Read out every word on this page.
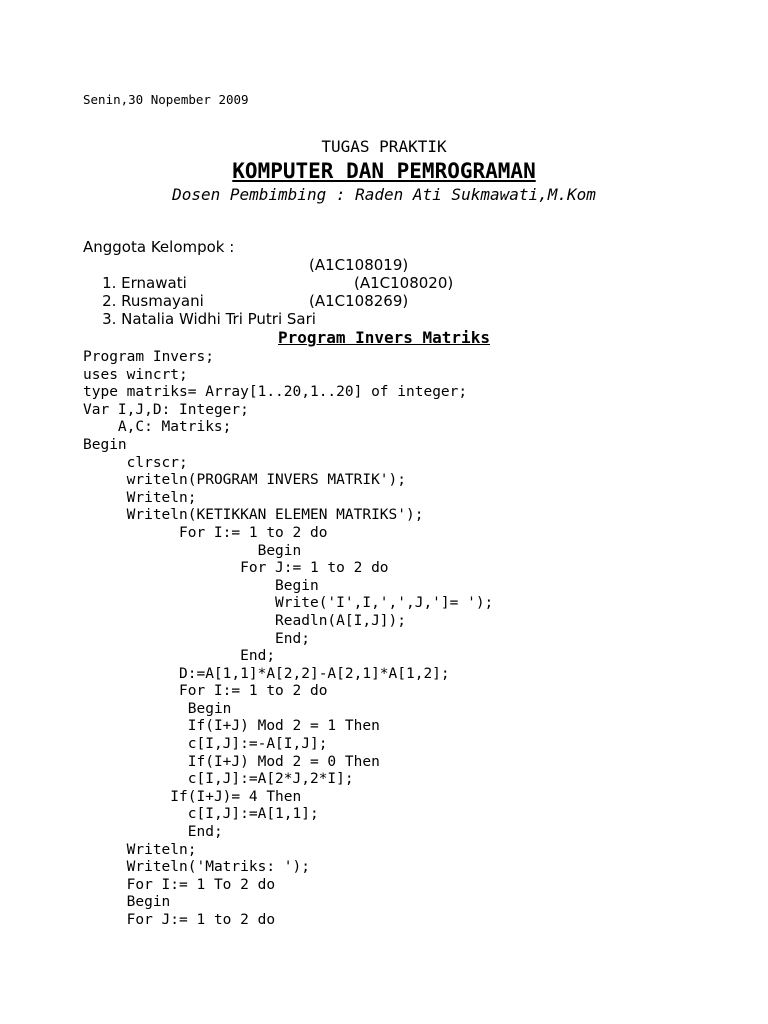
Senin,30 Nopember 2009
TUGAS PRAKTIK
KOMPUTER DAN PEMROGRAMAN
Dosen Pembimbing : Raden Ati Sukmawati,M.Kom
Anggota Kelompok :

1. Ernawati

(A1C108019)

2. Rusmayani

(A1C108020)

3. Natalia Widhi Tri Putri Sari

(A1C108269)

Program Invers Matriks
Program Invers;
uses wincrt;
type matriks= Array[1..20,1..20] of integer;
Var I,J,D: Integer;
A,C: Matriks;
Begin
clrscr;
writeln(PROGRAM INVERS MATRIK');
Writeln;
Writeln(KETIKKAN ELEMEN MATRIKS');
For I:= 1 to 2 do
Begin
For J:= 1 to 2 do
Begin
Write('I',I,',',J,']= ');
Readln(A[I,J]);
End;
End;
D:=A[1,1]*A[2,2]-A[2,1]*A[1,2];
For I:= 1 to 2 do
Begin
If(I+J) Mod 2 = 1 Then
c[I,J]:=-A[I,J];
If(I+J) Mod 2 = 0 Then
c[I,J]:=A[2*J,2*I];
If(I+J)= 4 Then
c[I,J]:=A[1,1];
End;
Writeln;
Writeln('Matriks: ');
For I:= 1 To 2 do
Begin
For J:= 1 to 2 do
